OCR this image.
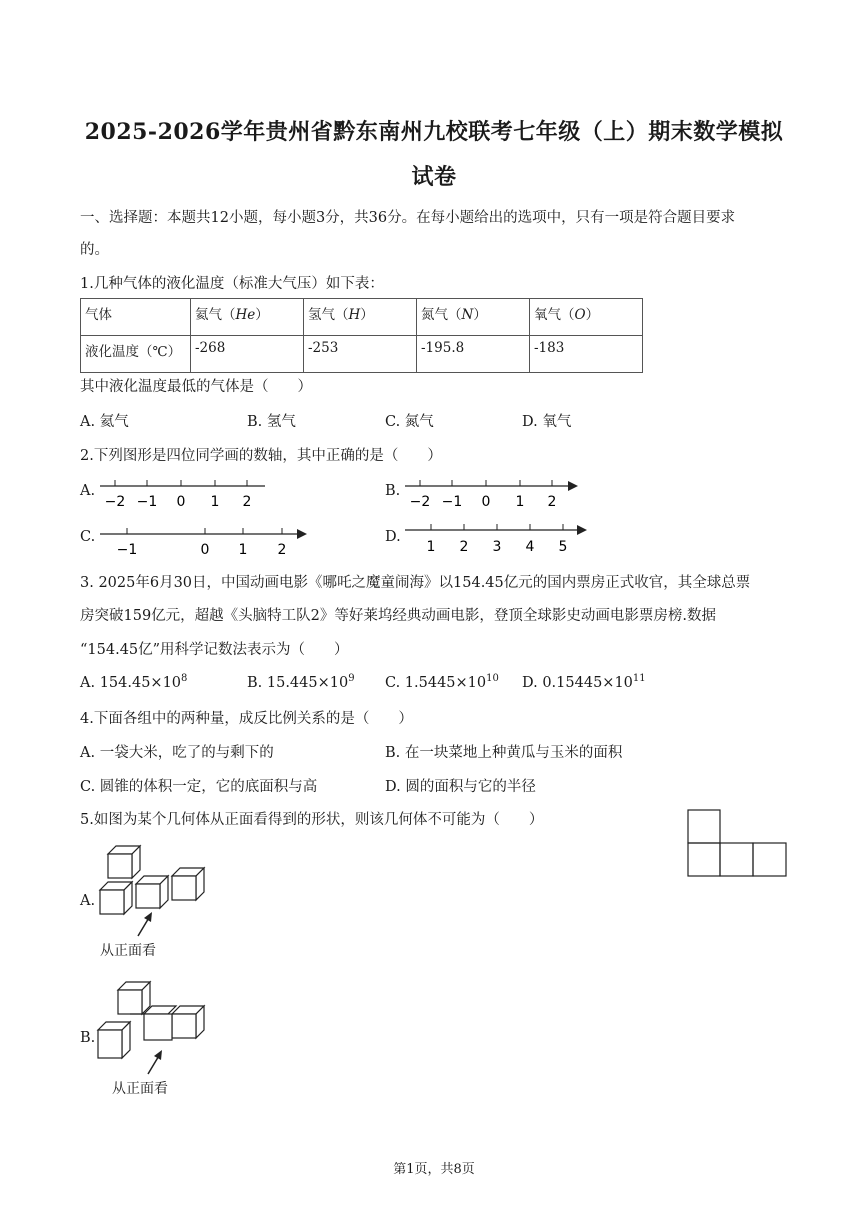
2025-2026学年贵州省黔东南州九校联考七年级（上）期末数学模拟
试卷
一、选择题：本题共12小题，每小题3分，共36分。在每小题给出的选项中，只有一项是符合题目要求
的。
1.几种气体的液化温度（标准大气压）如下表：
气体	氦气（He）	氢气（H）	氮气（N）	氧气（O）
液化温度（℃）	-268	-253	-195.8	-183
其中液化温度最低的气体是（　　）
A. 氦气	B. 氢气	C. 氮气	D. 氧气
2.下列图形是四位同学画的数轴，其中正确的是（　　）
A.
−2 −1 0 1 2
B.
−2 −1 0 1 2
C.
−1	0 1 2
D.
1 2 3 4 5
3. 2025年6月30日，中国动画电影《哪吒之魔童闹海》以154.45亿元的国内票房正式收官，其全球总票
房突破159亿元，超越《头脑特工队2》等好莱坞经典动画电影，登顶全球影史动画电影票房榜.数据
“154.45亿”用科学记数法表示为（　　）
A. $154.45\times 10^8$	B. $15.445\times 10^9$ C. $1.5445\times 10^{10}$ D. $0.15445\times 10^{11}$
4.下面各组中的两种量，成反比例关系的是（　　）
A. 一袋大米，吃了的与剩下的	B. 在一块菜地上种黄瓜与玉米的面积
C. 圆锥的体积一定，它的底面积与高	D. 圆的面积与它的半径
5.如图为某个几何体从正面看得到的形状，则该几何体不可能为（　　）
A.
从正面看
B.
从正面看
第1页，共8页
